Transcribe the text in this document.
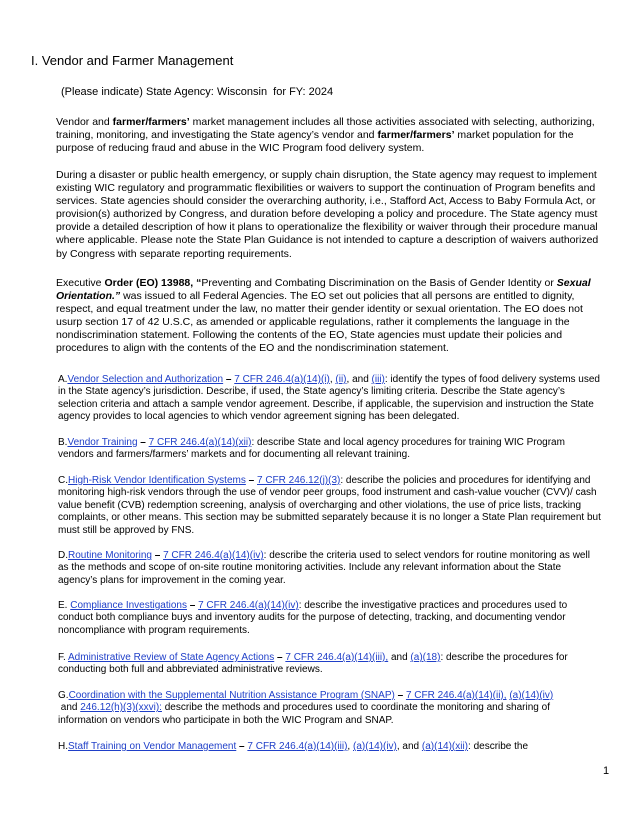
I. Vendor and Farmer Management
(Please indicate) State Agency: Wisconsin  for FY: 2024

Vendor and farmer/farmers’ market management includes all those activities associated with selecting, authorizing, training, monitoring, and investigating the State agency’s vendor and farmer/farmers’ market population for the purpose of reducing fraud and abuse in the WIC Program food delivery system.

During a disaster or public health emergency, or supply chain disruption, the State agency may request to implement existing WIC regulatory and programmatic flexibilities or waivers to support the continuation of Program benefits and services. State agencies should consider the overarching authority, i.e., Stafford Act, Access to Baby Formula Act, or provision(s) authorized by Congress, and duration before developing a policy and procedure. The State agency must provide a detailed description of how it plans to operationalize the flexibility or waiver through their procedure manual where applicable. Please note the State Plan Guidance is not intended to capture a description of waivers authorized by Congress with separate reporting requirements.

Executive Order (EO) 13988, “Preventing and Combating Discrimination on the Basis of Gender Identity or Sexual Orientation.” was issued to all Federal Agencies. The EO set out policies that all persons are entitled to dignity, respect, and equal treatment under the law, no matter their gender identity or sexual orientation. The EO does not usurp section 17 of 42 U.S.C, as amended or applicable regulations, rather it complements the language in the nondiscrimination statement. Following the contents of the EO, State agencies must update their policies and procedures to align with the contents of the EO and the nondiscrimination statement.

A.Vendor Selection and Authorization – 7 CFR 246.4(a)(14)(i), (ii), and (iii): identify the types of food delivery systems used in the State agency’s jurisdiction. Describe, if used, the State agency’s limiting criteria. Describe the State agency’s selection criteria and attach a sample vendor agreement. Describe, if applicable, the supervision and instruction the State agency provides to local agencies to which vendor agreement signing has been delegated.

B.Vendor Training – 7 CFR 246.4(a)(14)(xii): describe State and local agency procedures for training WIC Program vendors and farmers/farmers’ markets and for documenting all relevant training.

C.High-Risk Vendor Identification Systems – 7 CFR 246.12(j)(3): describe the policies and procedures for identifying and monitoring high-risk vendors through the use of vendor peer groups, food instrument and cash-value voucher (CVV)/ cash value benefit (CVB) redemption screening, analysis of overcharging and other violations, the use of price lists, tracking complaints, or other means. This section may be submitted separately because it is no longer a State Plan requirement but must still be approved by FNS.

D.Routine Monitoring – 7 CFR 246.4(a)(14)(iv): describe the criteria used to select vendors for routine monitoring as well as the methods and scope of on-site routine monitoring activities. Include any relevant information about the State agency’s plans for improvement in the coming year.

E. Compliance Investigations – 7 CFR 246.4(a)(14)(iv): describe the investigative practices and procedures used to conduct both compliance buys and inventory audits for the purpose of detecting, tracking, and documenting vendor noncompliance with program requirements.

F. Administrative Review of State Agency Actions – 7 CFR 246.4(a)(14)(iii), and (a)(18): describe the procedures for conducting both full and abbreviated administrative reviews.

G.Coordination with the Supplemental Nutrition Assistance Program (SNAP) – 7 CFR 246.4(a)(14)(ii), (a)(14)(iv) and 246.12(h)(3)(xxvi): describe the methods and procedures used to coordinate the monitoring and sharing of information on vendors who participate in both the WIC Program and SNAP.

H.Staff Training on Vendor Management – 7 CFR 246.4(a)(14)(iii), (a)(14)(iv), and (a)(14)(xii): describe the

1
